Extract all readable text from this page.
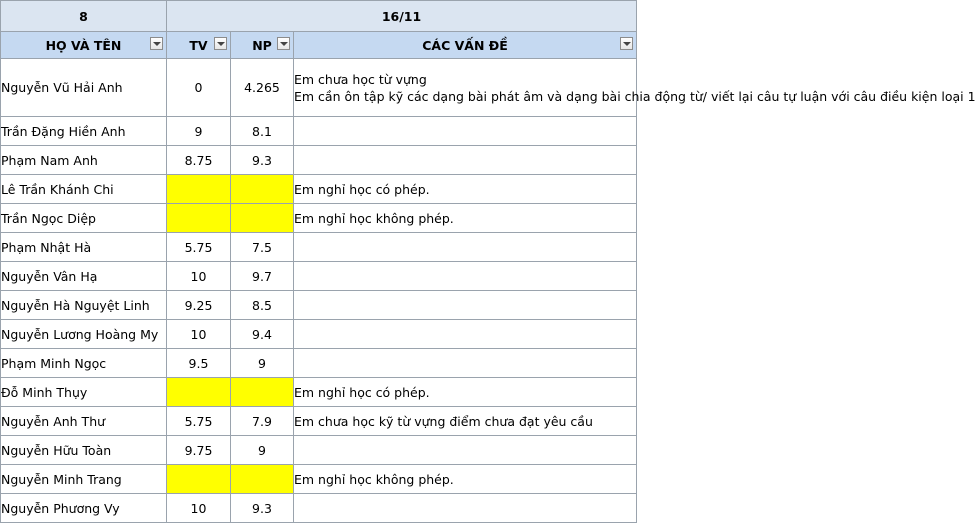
8	16/11		
HỌ VÀ TÊN	TV	NP	CÁC VẤN ĐỀ

Nguyễn Vũ Hải Anh	0	4.265	Em chưa học từ vựng
Em cần ôn tập kỹ các dạng bài phát âm và dạng bài chia động từ/ viết lại câu tự luận với câu điều kiện loại 1

Trần Đặng Hiền Anh	9	8.1	

Phạm Nam Anh	8.75	9.3	

Lê Trần Khánh Chi			Em nghỉ học có phép.

Trần Ngọc Diệp			Em nghỉ học không phép.

Phạm Nhật Hà	5.75	7.5	

Nguyễn Vân Hạ	10	9.7	

Nguyễn Hà Nguyệt Linh	9.25	8.5	

Nguyễn Lương Hoàng My	10	9.4	

Phạm Minh Ngọc	9.5	9	

Đỗ Minh Thụy			Em nghỉ học có phép.

Nguyễn Anh Thư	5.75	7.9	Em chưa học kỹ từ vựng điểm chưa đạt yêu cầu

Nguyễn Hữu Toàn	9.75	9	

Nguyễn Minh Trang			Em nghỉ học không phép.

Nguyễn Phương Vy	10	9.3	
